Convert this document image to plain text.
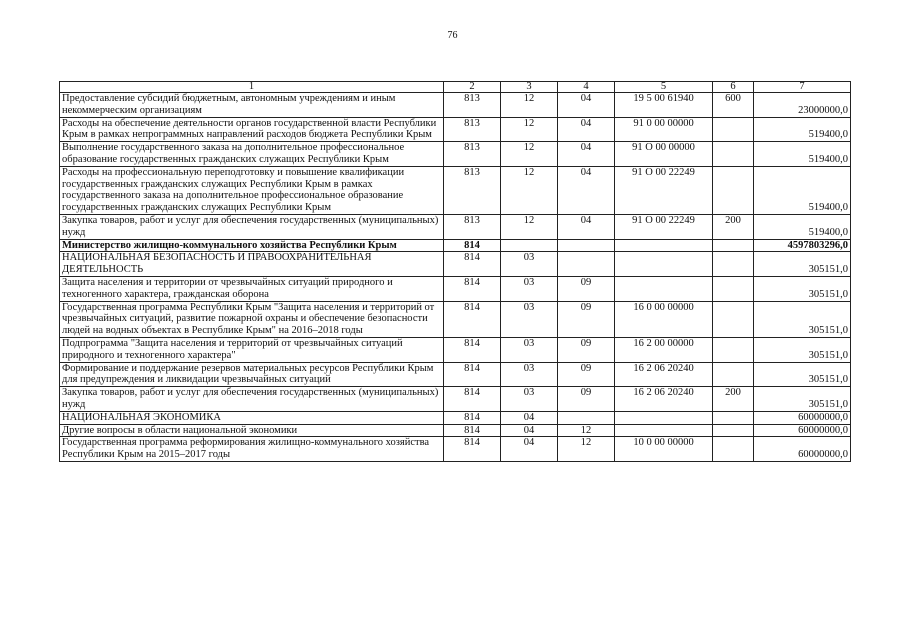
76
1	2	3	4	5	6	7
Предоставление субсидий бюджетным, автономным учреждениям и иным некоммерческим организациям	813	12	04	19 5 00 61940	600	23000000,0
Расходы на обеспечение деятельности органов государственной власти Республики Крым в рамках непрограммных направлений расходов бюджета Республики Крым	813	12	04	91 0 00 00000		519400,0
Выполнение государственного заказа на дополнительное профессиональное образование государственных гражданских служащих Республики Крым	813	12	04	91 О 00 00000		519400,0
Расходы на профессиональную переподготовку и повышение квалификации государственных гражданских служащих Республики Крым в рамках государственного заказа на дополнительное профессиональное образование государственных гражданских служащих Республики Крым	813	12	04	91 О 00 22249		519400,0
Закупка товаров, работ и услуг для обеспечения государственных (муниципальных) нужд	813	12	04	91 О 00 22249	200	519400,0
Министерство жилищно-коммунального хозяйства Республики Крым	814					4597803296,0
НАЦИОНАЛЬНАЯ БЕЗОПАСНОСТЬ И ПРАВООХРАНИТЕЛЬНАЯ ДЕЯТЕЛЬНОСТЬ	814	03				305151,0
Защита населения и территории от чрезвычайных ситуаций природного и техногенного характера, гражданская оборона	814	03	09			305151,0
Государственная программа Республики Крым "Защита населения и территорий от чрезвычайных ситуаций, развитие пожарной охраны и обеспечение безопасности людей на водных объектах в Республике Крым" на 2016–2018 годы	814	03	09	16 0 00 00000		305151,0
Подпрограмма "Защита населения и территорий от чрезвычайных ситуаций природного и техногенного характера"	814	03	09	16 2 00 00000		305151,0
Формирование и поддержание резервов материальных ресурсов Республики Крым для предупреждения и ликвидации чрезвычайных ситуаций	814	03	09	16 2 06 20240		305151,0
Закупка товаров, работ и услуг для обеспечения государственных (муниципальных) нужд	814	03	09	16 2 06 20240	200	305151,0
НАЦИОНАЛЬНАЯ ЭКОНОМИКА	814	04				60000000,0
Другие вопросы в области национальной экономики	814	04	12			60000000,0
Государственная программа реформирования жилищно-коммунального хозяйства Республики Крым на 2015–2017 годы	814	04	12	10 0 00 00000		60000000,0
